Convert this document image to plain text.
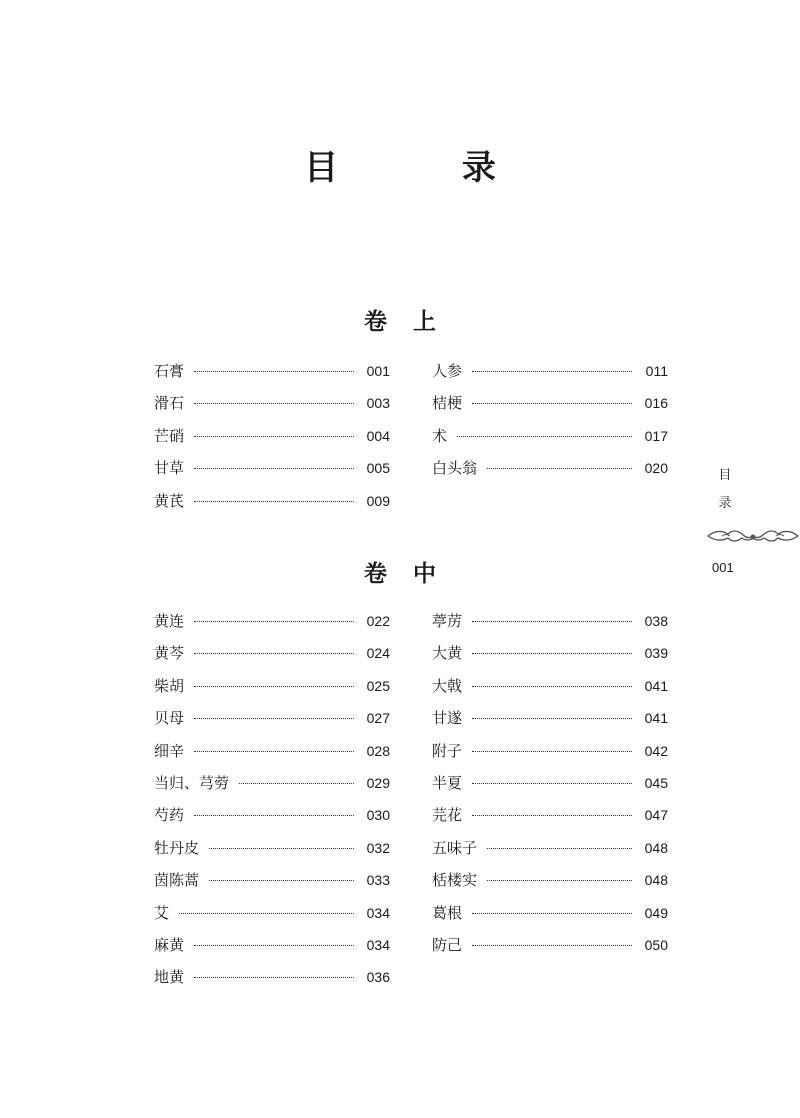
目 录
卷上
石膏	001
滑石	003
芒硝	004
甘草	005
黄芪	009
人参	011
桔梗	016
术	017
白头翁	020
卷中
黄连	022
黄芩	024
柴胡	025
贝母	027
细辛	028
当归、芎䓖	029
芍药	030
牡丹皮	032
茵陈蒿	033
艾	034
麻黄	034
地黄	036
葶苈	038
大黄	039
大戟	041
甘遂	041
附子	042
半夏	045
芫花	047
五味子	048
栝楼实	048
葛根	049
防己	050
目
录
001
